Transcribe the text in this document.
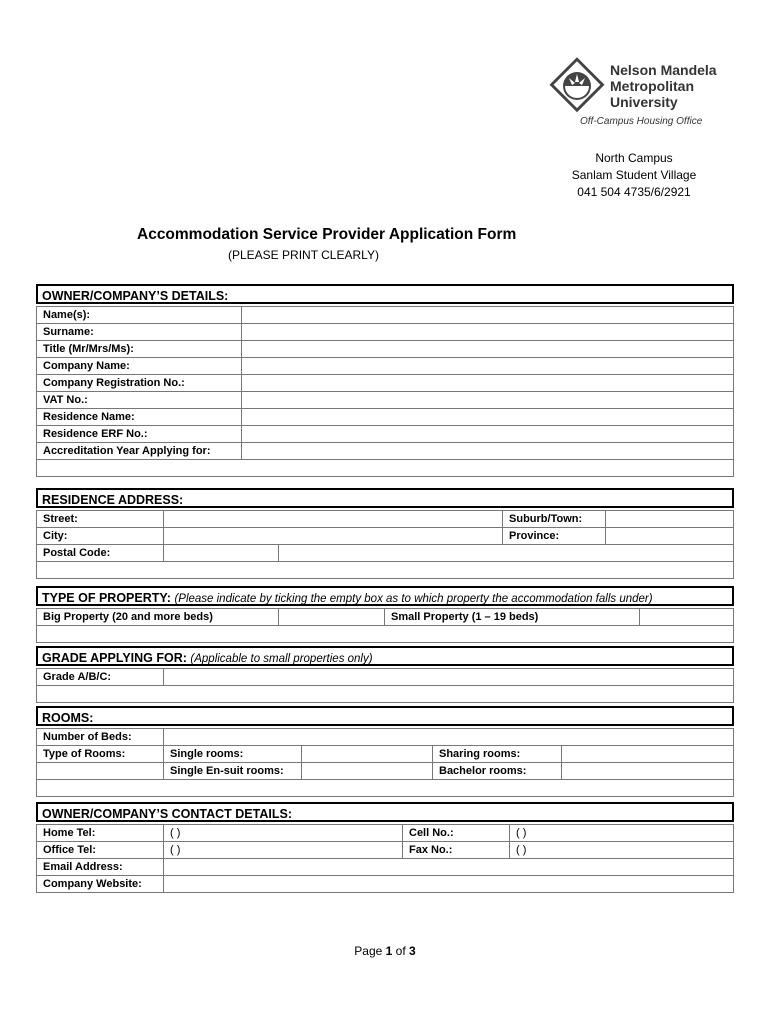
Nelson Mandela
Metropolitan
University
Off-Campus Housing Office
North Campus
Sanlam Student Village
041 504 4735/6/2921
Accommodation Service Provider Application Form
(PLEASE PRINT CLEARLY)
OWNER/COMPANY’S DETAILS:
Name(s):	
Surname:	
Title (Mr/Mrs/Ms):	
Company Name:	
Company Registration No.:	
VAT No.:	
Residence Name:	
Residence ERF No.:	
Accreditation Year Applying for:	

RESIDENCE ADDRESS:
Street:			Suburb/Town:	
City:			Province:	
Postal Code:				

TYPE OF PROPERTY: (Please indicate by ticking the empty box as to which property the accommodation falls under)
Big Property (20 and more beds)		Small Property (1 – 19 beds)	

GRADE APPLYING FOR: (Applicable to small properties only)
Grade A/B/C:	

ROOMS:
Number of Beds:				
Type of Rooms:	Single rooms:		Sharing rooms:	
	Single En-suit rooms:		Bachelor rooms:	

OWNER/COMPANY’S CONTACT DETAILS:
Home Tel:	( )	Cell No.:	( )
Office Tel:	( )	Fax No.:	( )
Email Address:			
Company Website:			
Page 1 of 3
